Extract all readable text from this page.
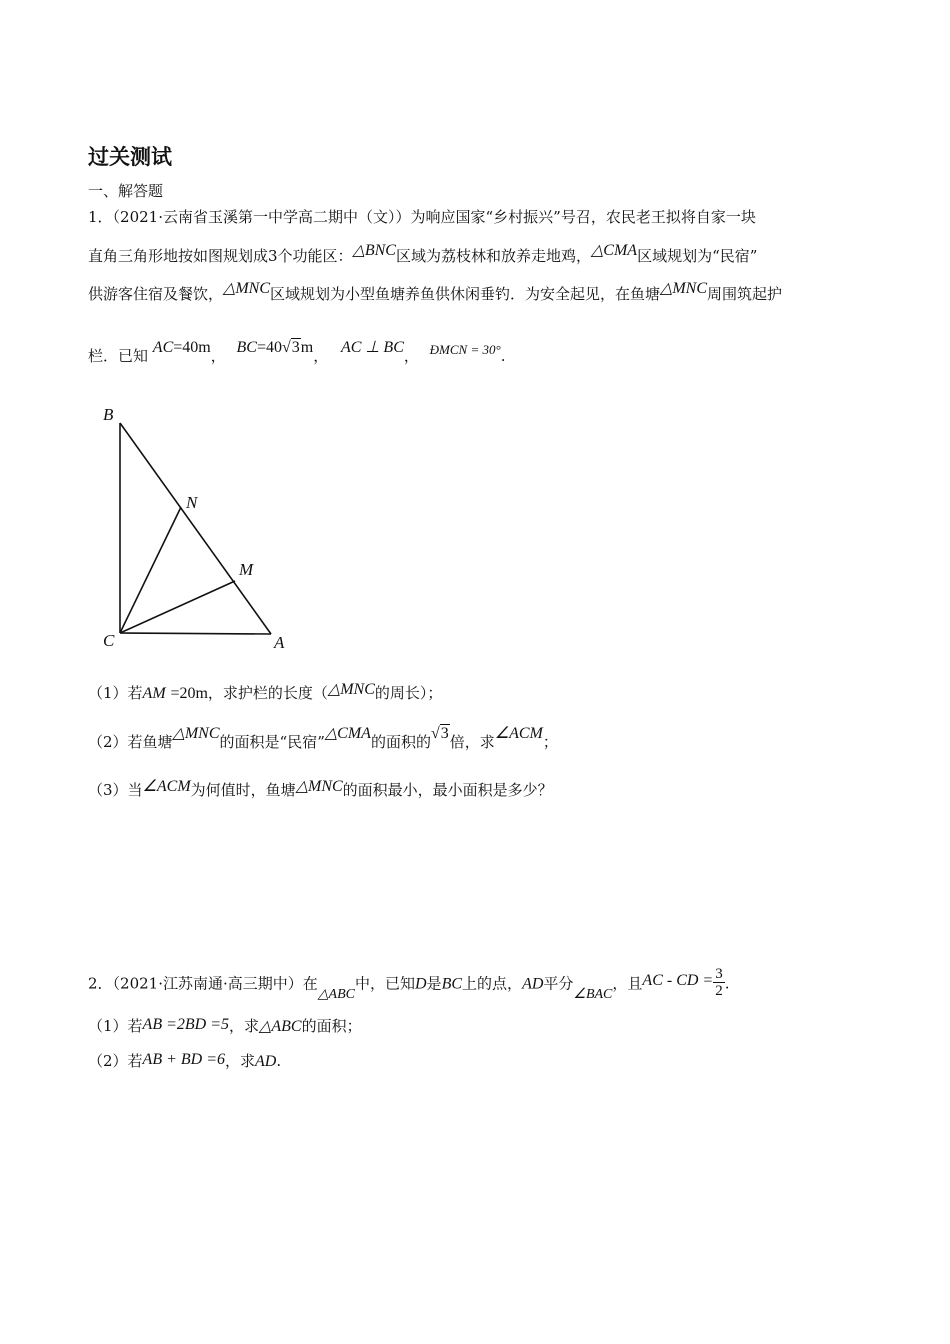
过关测试
一、解答题
1．（2021·云南省玉溪第一中学高二期中（文））为响应国家“乡村振兴”号召，农民老王拟将自家一块
直角三角形地按如图规划成3个功能区：△BNC区域为荔枝林和放养走地鸡，△CMA区域规划为“民宿”
供游客住宿及餐饮，△MNC区域规划为小型鱼塘养鱼供休闲垂钓．为安全起见，在鱼塘△MNC周围筑起护
栏．已知 AC=40m， BC=40√3m， AC ⊥ BC， ÐMCN = 30°.
B
N
M
C	A
（1）若AM =20m，求护栏的长度（△MNC的周长）；
（2）若鱼塘△MNC的面积是“民宿”△CMA的面积的√3倍，求∠ACM；
（3）当∠ACM为何值时，鱼塘△MNC的面积最小，最小面积是多少？
2．（2021·江苏南通·高三期中）在△ABC中，已知D是BC上的点，AD平分∠BAC，且AC - CD = $\frac{3}{2}$ .
（1）若AB =2BD =5，求△ABC的面积；
（2）若AB + BD =6，求AD.
